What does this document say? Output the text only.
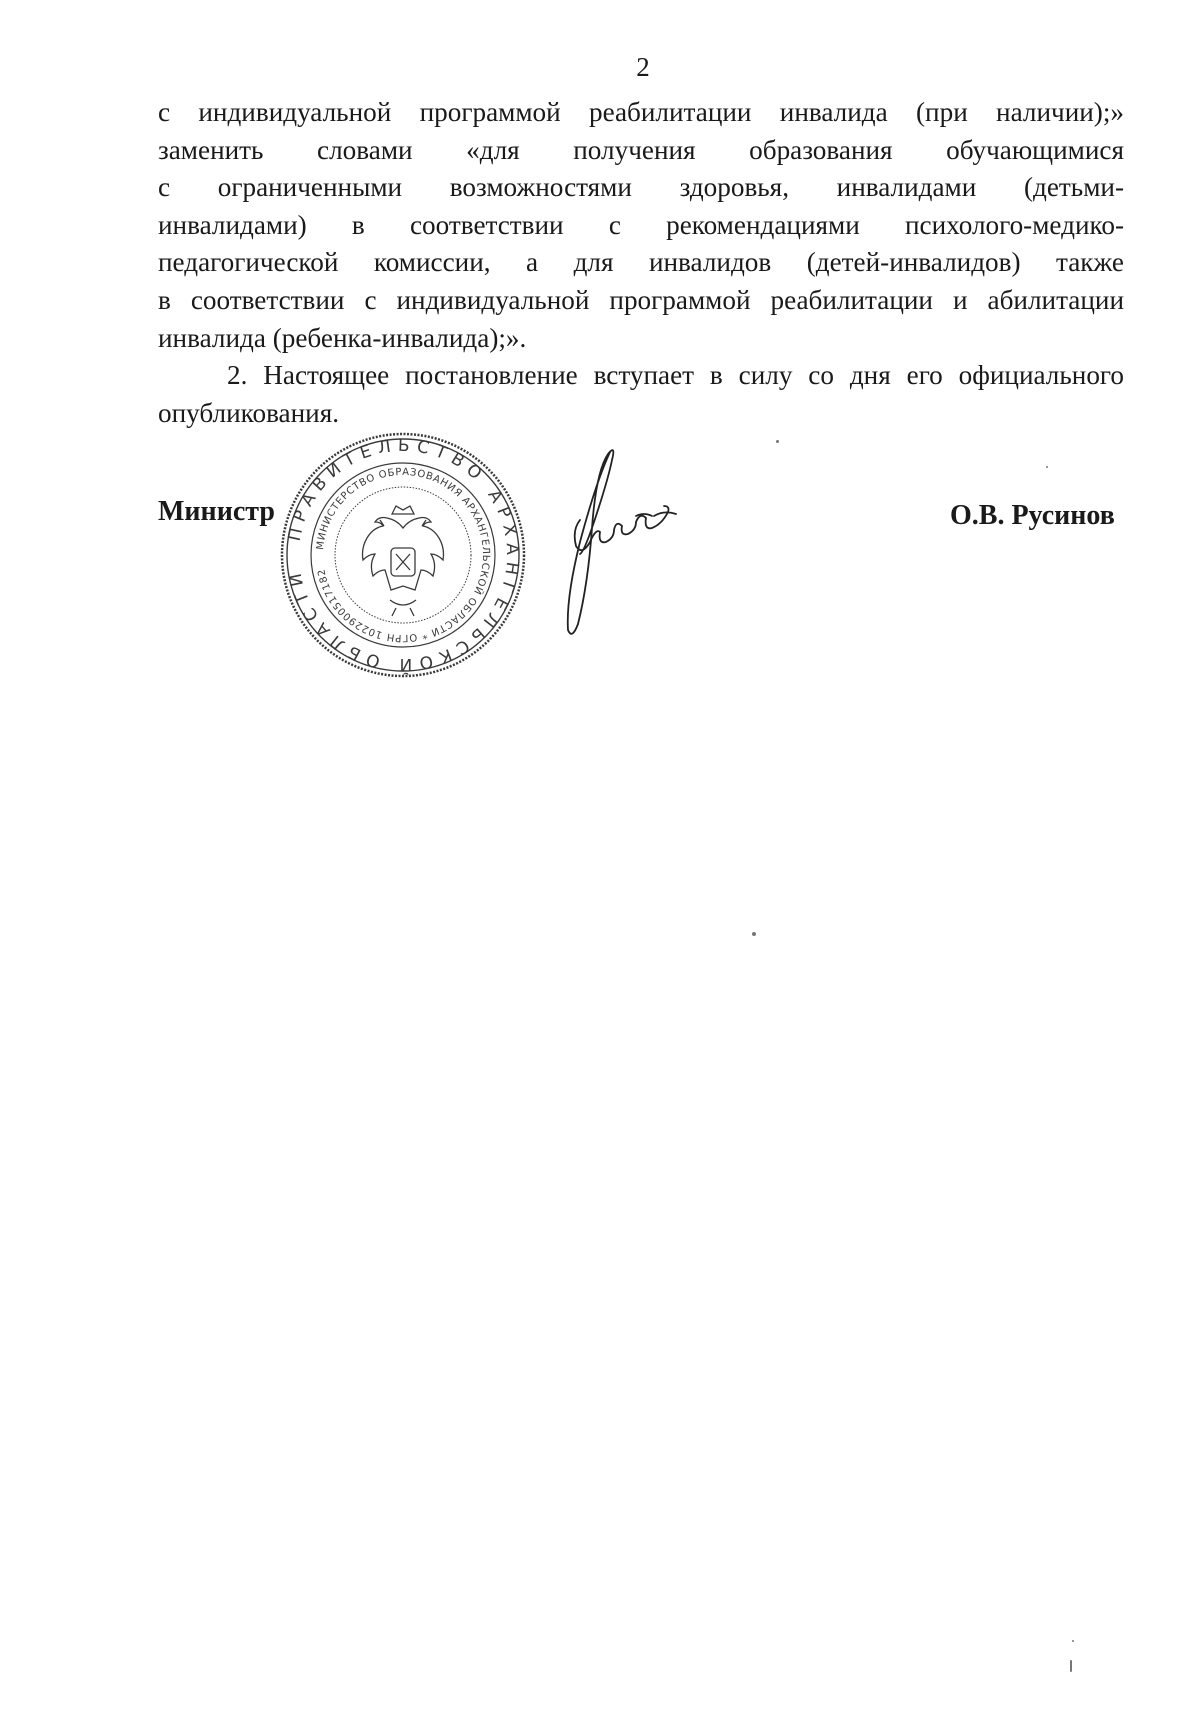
2

с индивидуальной программой реабилитации инвалида (при наличии);»
заменить словами «для получения образования обучающимися
с ограниченными возможностями здоровья, инвалидами (детьми-
инвалидами) в соответствии с рекомендациями психолого-медико-
педагогической комиссии, а для инвалидов (детей-инвалидов) также
в соответствии с индивидуальной программой реабилитации и абилитации
инвалида (ребенка-инвалида);».

2. Настоящее постановление вступает в силу со дня его официального опубликования.

Министр
ПРАВИТЕЛЬСТВО АРХАНГЕЛЬСКОЙ ОБЛАСТИ
МИНИСТЕРСТВО ОБРАЗОВАНИЯ АРХАНГЕЛЬСКОЙ ОБЛАСТИ * ОГРН 1022900517182
О.В. Русинов
